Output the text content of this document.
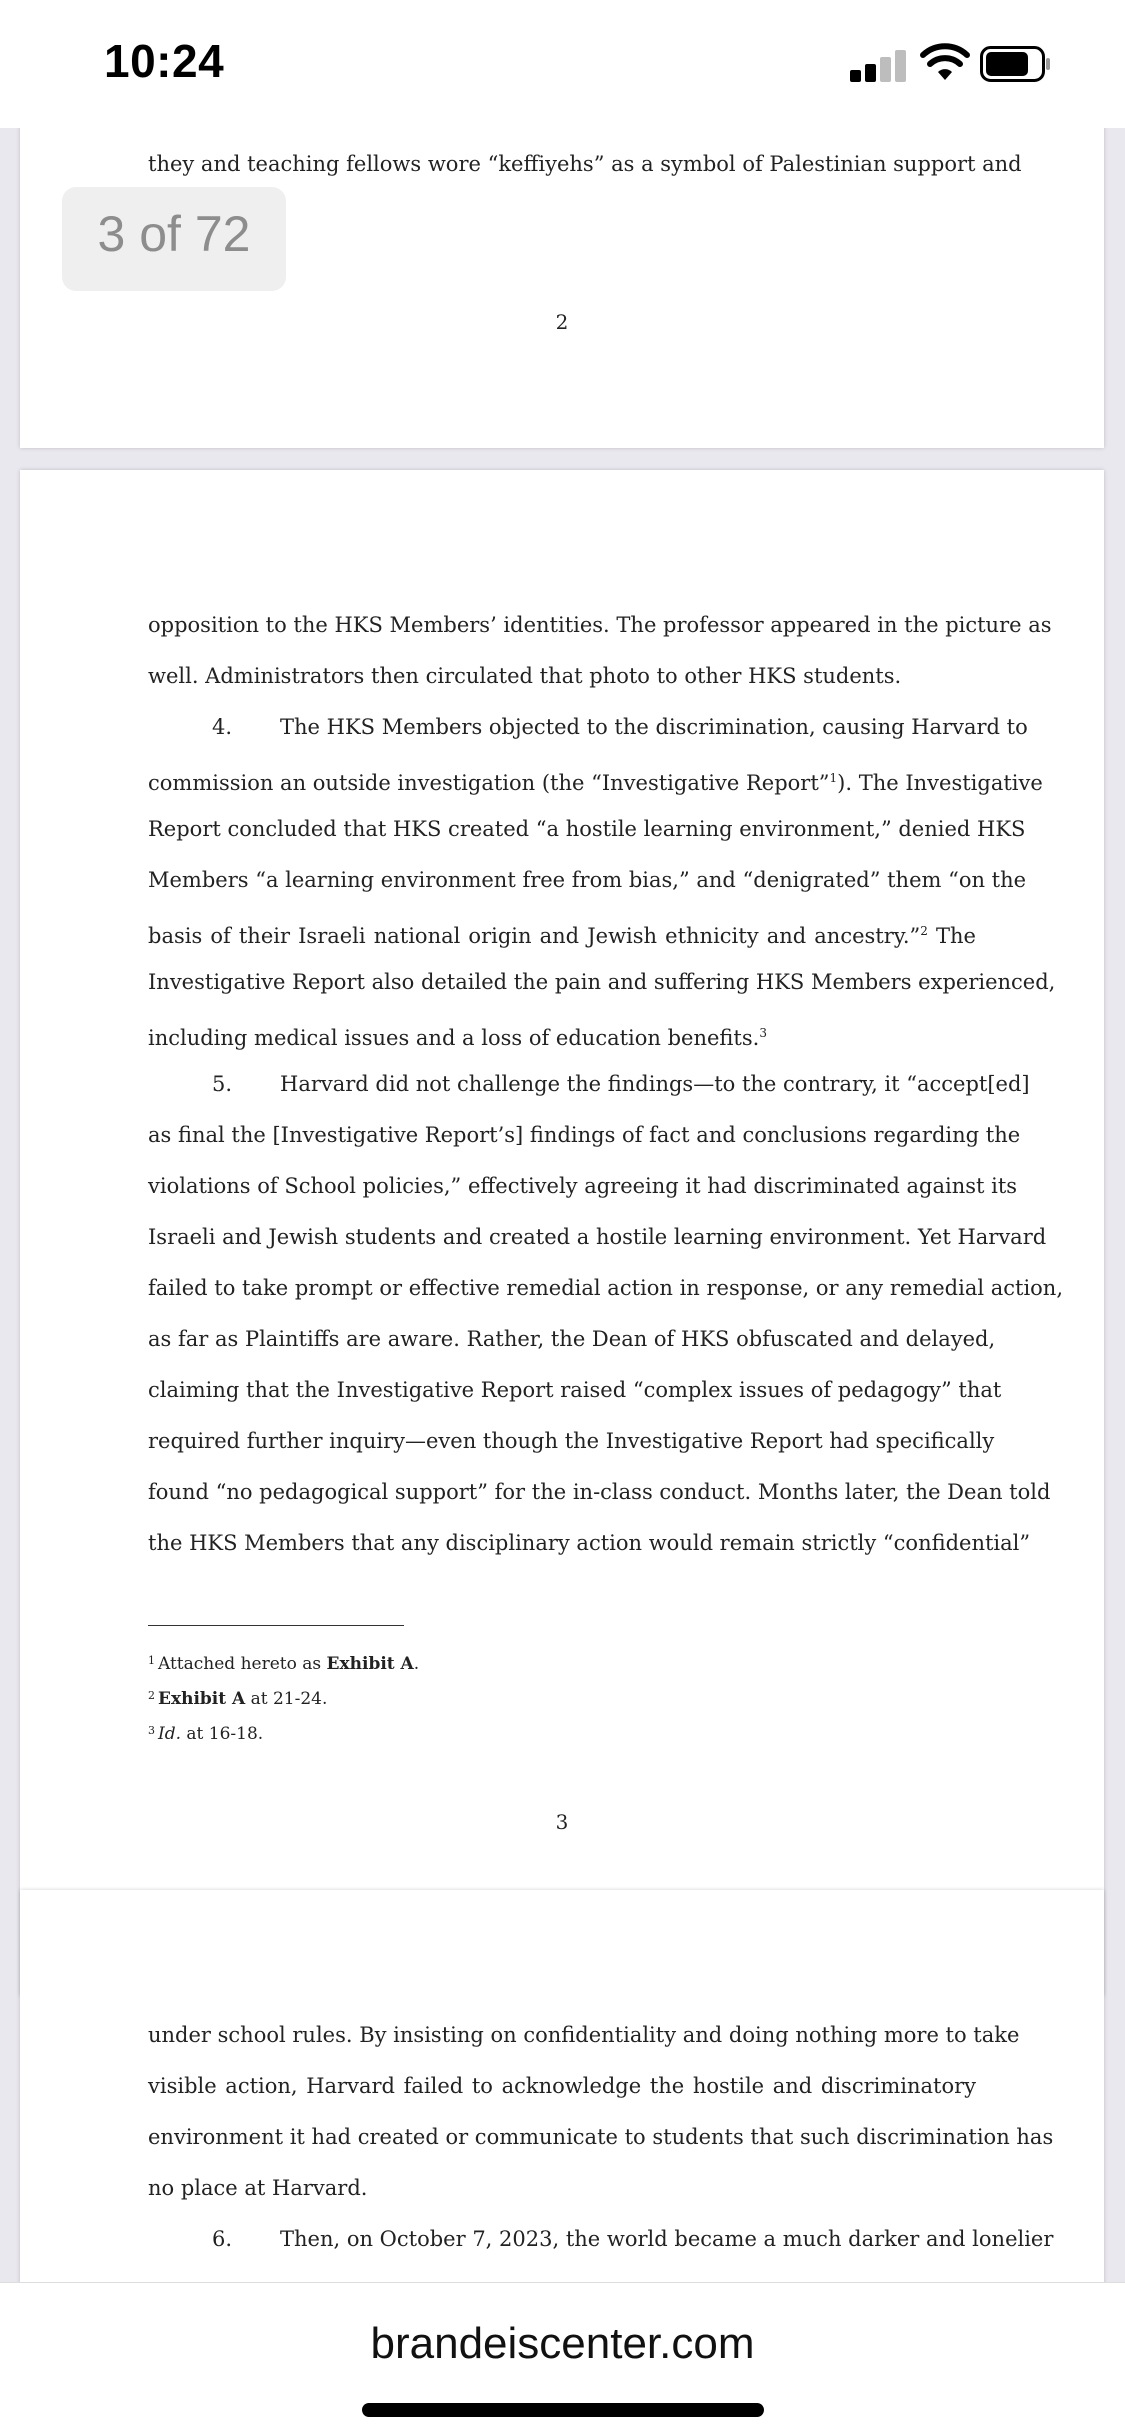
10:24
they and teaching fellows wore “keffiyehs” as a symbol of Palestinian support and
2
opposition to the HKS Members’ identities. The professor appeared in the picture as
well. Administrators then circulated that photo to other HKS students.
4. The HKS Members objected to the discrimination, causing Harvard to
commission an outside investigation (the “Investigative Report”$^1$). The Investigative
Report concluded that HKS created “a hostile learning environment,” denied HKS
Members “a learning environment free from bias,” and “denigrated” them “on the
basis of their Israeli national origin and Jewish ethnicity and ancestry.”$^2$ The
Investigative Report also detailed the pain and suffering HKS Members experienced,
including medical issues and a loss of education benefits.$^3$
5. Harvard did not challenge the findings—to the contrary, it “accept[ed]
as final the [Investigative Report’s] findings of fact and conclusions regarding the
violations of School policies,” effectively agreeing it had discriminated against its
Israeli and Jewish students and created a hostile learning environment. Yet Harvard
failed to take prompt or effective remedial action in response, or any remedial action,
as far as Plaintiffs are aware. Rather, the Dean of HKS obfuscated and delayed,
claiming that the Investigative Report raised “complex issues of pedagogy” that
required further inquiry—even though the Investigative Report had specifically
found “no pedagogical support” for the in-class conduct. Months later, the Dean told
the HKS Members that any disciplinary action would remain strictly “confidential”
$^1$ Attached hereto as Exhibit A.
$^2$ Exhibit A at 21-24.
$^3$ Id. at 16-18.
3
under school rules. By insisting on confidentiality and doing nothing more to take
visible action, Harvard failed to acknowledge the hostile and discriminatory
environment it had created or communicate to students that such discrimination has
no place at Harvard.
6. Then, on October 7, 2023, the world became a much darker and lonelier
3 of 72
brandeiscenter.com
